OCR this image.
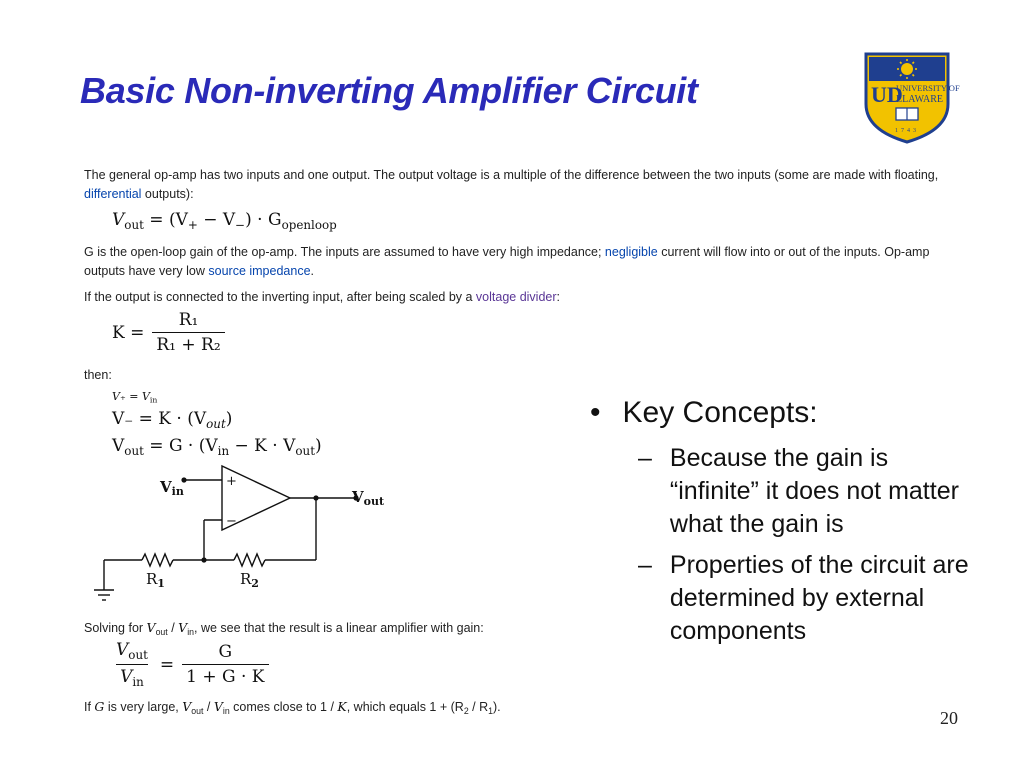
Basic Non-inverting Amplifier Circuit	UD
UNIVERSITY OF
ELAWARE
1743

The general op-amp has two inputs and one output. The output voltage is a multiple of the difference between the two inputs (some are made with floating, differential outputs):

$V_{out} = (V_+ - V_-) \cdot G_{openloop}$
G is the open-loop gain of the op-amp. The inputs are assumed to have very high impedance; negligible current will flow into or out of the inputs. Op-amp outputs have very low source impedance.
If the output is connected to the inverting input, after being scaled by a voltage divider:
$K = \frac{\text{R₁}}{\text{R₁ + R₂}}$
then:
$V_+ = V_{in}$
$V_- = K \cdot (V_{out})$
$V_{out} = G \cdot (V_{in} - K \cdot V_{out})$
+
−
$V_{in}$	$V_{out}$
$R_1$	$R_2$
Solving for $V_{out} / V_{in}$, we see that the result is a linear amplifier with gain:
$\frac{V_{out}}{V_{in}} = \frac{G}{1 + G \cdot K}$
If G is very large, $V_{out} / V_{in}$ comes close to 1 / K, which equals $1 + (R_2 / R_1)$.
• Key Concepts:
– Because the gain is “infinite” it does not matter what the gain is
– Properties of the circuit are determined by external components
20
